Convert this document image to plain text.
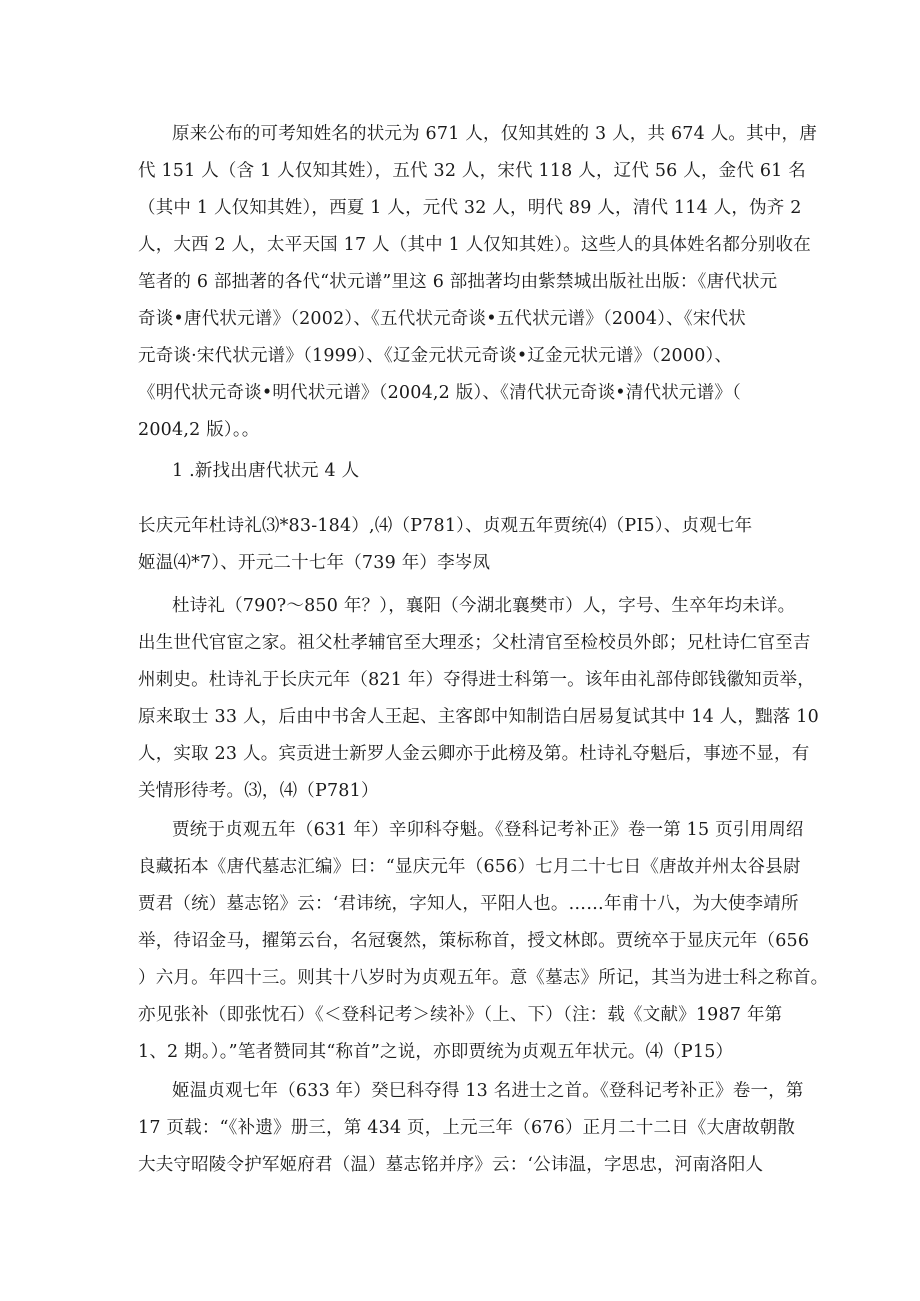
原来公布的可考知姓名的状元为 671 人，仅知其姓的 3 人，共 674 人。其中，唐
代 151 人（含 1 人仅知其姓），五代 32 人，宋代 118 人，辽代 56 人，金代 61 名
（其中 1 人仅知其姓），西夏 1 人，元代 32 人，明代 89 人，清代 114 人，伪齐 2
人，大西 2 人，太平天国 17 人（其中 1 人仅知其姓）。这些人的具体姓名都分别收在
笔者的 6 部拙著的各代“状元谱”里这 6 部拙著均由紫禁城出版社出版：《唐代状元
奇谈•唐代状元谱》（2002）、《五代状元奇谈•五代状元谱》（2004）、《宋代状
元奇谈·宋代状元谱》（1999）、《辽金元状元奇谈•辽金元状元谱》（2000）、
《明代状元奇谈•明代状元谱》（2004,2 版）、《清代状元奇谈•清代状元谱》（
2004,2 版）。。
1 .新找出唐代状元 4 人
长庆元年杜诗礼⑶*83-184）,⑷（P781）、贞观五年贾统⑷（PI5）、贞观七年
姬温⑷*7）、开元二十七年（739 年）李岑凤
杜诗礼（790?～850 年？），襄阳（今湖北襄樊市）人，字号、生卒年均未详。
出生世代官宦之家。祖父杜孝辅官至大理丞；父杜清官至检校员外郎；兄杜诗仁官至吉
州刺史。杜诗礼于长庆元年（821 年）夺得进士科第一。该年由礼部侍郎钱徽知贡举，
原来取士 33 人，后由中书舍人王起、主客郎中知制诰白居易复试其中 14 人，黜落 10
人，实取 23 人。宾贡进士新罗人金云卿亦于此榜及第。杜诗礼夺魁后，事迹不显，有
关情形待考。⑶，⑷（P781）
贾统于贞观五年（631 年）辛卯科夺魁。《登科记考补正》卷一第 15 页引用周绍
良藏拓本《唐代墓志汇编》曰：“显庆元年（656）七月二十七日《唐故并州太谷县尉
贾君（统）墓志铭》云：‘君讳统，字知人，平阳人也。……年甫十八，为大使李靖所
举，待诏金马，擢第云台，名冠褒然，策标称首，授文林郎。贾统卒于显庆元年（656
）六月。年四十三。则其十八岁时为贞观五年。意《墓志》所记，其当为进士科之称首。
亦见张补（即张忱石）《＜登科记考＞续补》（上、下）（注：载《文献》1987 年第
1、2 期。）。”笔者赞同其“称首”之说，亦即贾统为贞观五年状元。⑷（P15）
姬温贞观七年（633 年）癸巳科夺得 13 名进士之首。《登科记考补正》卷一，第
17 页载：“《补遗》册三，第 434 页，上元三年（676）正月二十二日《大唐故朝散
大夫守昭陵令护军姬府君（温）墓志铭并序》云：‘公讳温，字思忠，河南洛阳人
